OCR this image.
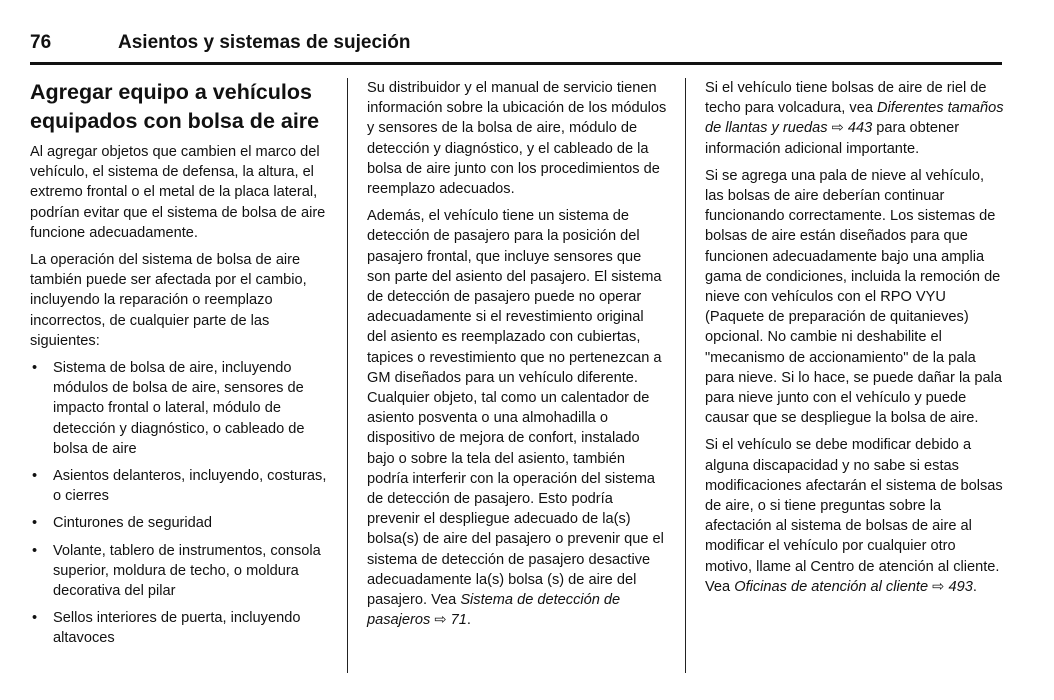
76	Asientos y sistemas de sujeción
Agregar equipo a vehículos equipados con bolsa de aire

Al agregar objetos que cambien el marco del vehículo, el sistema de defensa, la altura, el extremo frontal o el metal de la placa lateral, podrían evitar que el sistema de bolsa de aire funcione adecuadamente.

La operación del sistema de bolsa de aire también puede ser afectada por el cambio, incluyendo la reparación o reemplazo incorrectos, de cualquier parte de las siguientes:

• Sistema de bolsa de aire, incluyendo módulos de bolsa de aire, sensores de impacto frontal o lateral, módulo de detección y diagnóstico, o cableado de bolsa de aire
• Asientos delanteros, incluyendo, costuras, o cierres
• Cinturones de seguridad
• Volante, tablero de instrumentos, consola superior, moldura de techo, o moldura decorativa del pilar
• Sellos interiores de puerta, incluyendo altavoces

Su distribuidor y el manual de servicio tienen información sobre la ubicación de los módulos y sensores de la bolsa de aire, módulo de detección y diagnóstico, y el cableado de la bolsa de aire junto con los procedimientos de reemplazo adecuados.

Además, el vehículo tiene un sistema de detección de pasajero para la posición del pasajero frontal, que incluye sensores que son parte del asiento del pasajero. El sistema de detección de pasajero puede no operar adecuadamente si el revestimiento original del asiento es reemplazado con cubiertas, tapices o revestimiento que no pertenezcan a GM diseñados para un vehículo diferente. Cualquier objeto, tal como un calentador de asiento posventa o una almohadilla o dispositivo de mejora de confort, instalado bajo o sobre la tela del asiento, también podría interferir con la operación del sistema de detección de pasajero. Esto podría prevenir el despliegue adecuado de la(s) bolsa(s) de aire del pasajero o prevenir que el sistema de detección de pasajero desactive adecuadamente la(s) bolsa (s) de aire del pasajero. Vea Sistema de detección de pasajeros ⇨ 71.

Si el vehículo tiene bolsas de aire de riel de techo para volcadura, vea Diferentes tamaños de llantas y ruedas ⇨ 443 para obtener información adicional importante.

Si se agrega una pala de nieve al vehículo, las bolsas de aire deberían continuar funcionando correctamente. Los sistemas de bolsas de aire están diseñados para que funcionen adecuadamente bajo una amplia gama de condiciones, incluida la remoción de nieve con vehículos con el RPO VYU (Paquete de preparación de quitanieves) opcional. No cambie ni deshabilite el "mecanismo de accionamiento" de la pala para nieve. Si lo hace, se puede dañar la pala para nieve junto con el vehículo y puede causar que se despliegue la bolsa de aire.

Si el vehículo se debe modificar debido a alguna discapacidad y no sabe si estas modificaciones afectarán el sistema de bolsas de aire, o si tiene preguntas sobre la afectación al sistema de bolsas de aire al modificar el vehículo por cualquier otro motivo, llame al Centro de atención al cliente. Vea Oficinas de atención al cliente ⇨ 493.
